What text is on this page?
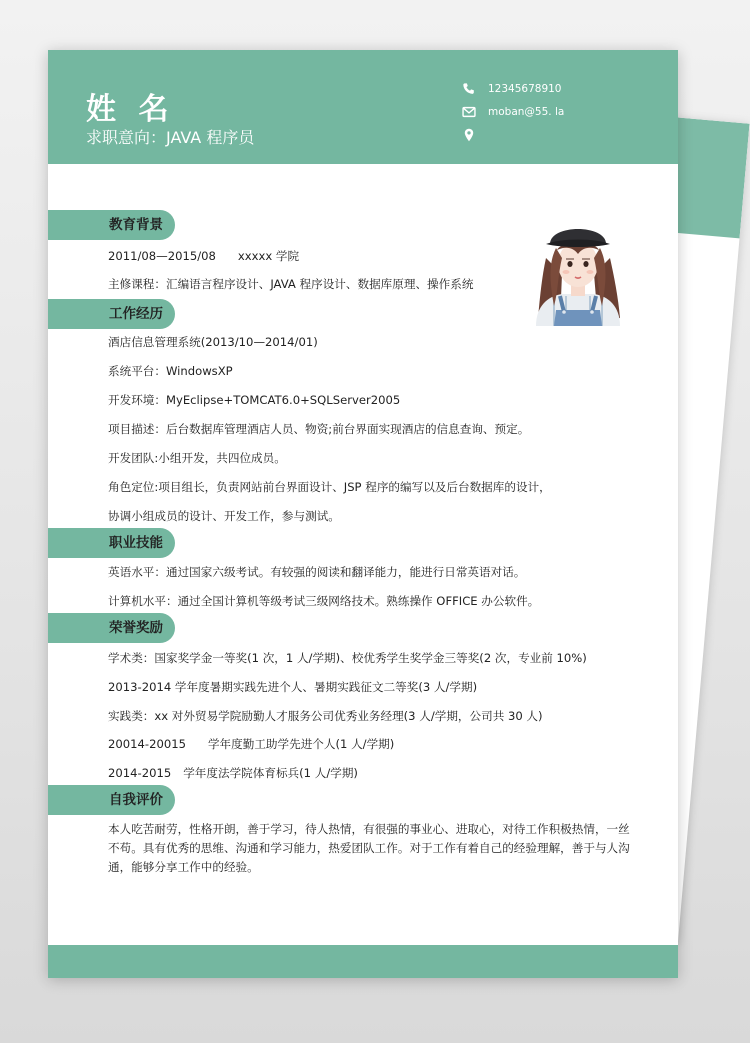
姓 名
求职意向：JAVA 程序员
12345678910
moban@55. la
教育背景
2011/08—2015/08 xxxxx 学院
主修课程：汇编语言程序设计、JAVA 程序设计、数据库原理、操作系统
工作经历
酒店信息管理系统(2013/10—2014/01)
系统平台：WindowsXP
开发环境：MyEclipse+TOMCAT6.0+SQLServer2005
项目描述：后台数据库管理酒店人员、物资;前台界面实现酒店的信息查询、预定。
开发团队:小组开发，共四位成员。
角色定位:项目组长，负责网站前台界面设计、JSP 程序的编写以及后台数据库的设计，
协调小组成员的设计、开发工作，参与测试。
职业技能
英语水平：通过国家六级考试。有较强的阅读和翻译能力，能进行日常英语对话。
计算机水平：通过全国计算机等级考试三级网络技术。熟练操作 OFFICE 办公软件。
荣誉奖励
学术类：国家奖学金一等奖(1 次，1 人/学期)、校优秀学生奖学金三等奖(2 次，专业前 10%)
2013-2014 学年度暑期实践先进个人、暑期实践征文二等奖(3 人/学期)
实践类：xx 对外贸易学院励勤人才服务公司优秀业务经理(3 人/学期，公司共 30 人)
20014-20015 学年度勤工助学先进个人(1 人/学期)
2014-2015 学年度法学院体育标兵(1 人/学期)
自我评价
本人吃苦耐劳，性格开朗，善于学习，待人热情，有很强的事业心、进取心，对待工作积极热情，一丝不苟。具有优秀的思维、沟通和学习能力，热爱团队工作。对于工作有着自己的经验理解，善于与人沟通，能够分享工作中的经验。
